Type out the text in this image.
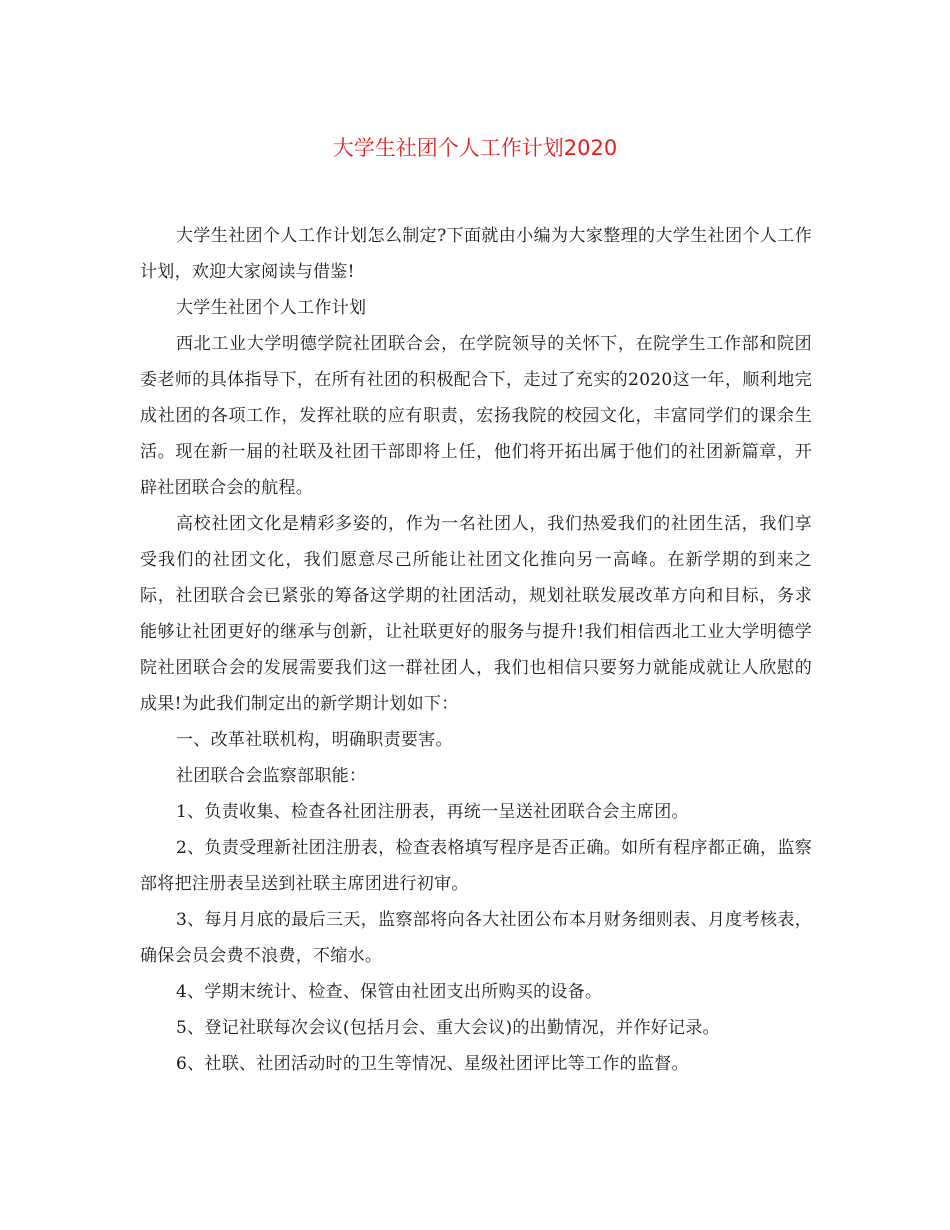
大学生社团个人工作计划2020

大学生社团个人工作计划怎么制定?下面就由小编为大家整理的大学生社团个人工作计划，欢迎大家阅读与借鉴!

大学生社团个人工作计划

西北工业大学明德学院社团联合会，在学院领导的关怀下，在院学生工作部和院团委老师的具体指导下，在所有社团的积极配合下，走过了充实的2020这一年，顺利地完成社团的各项工作，发挥社联的应有职责，宏扬我院的校园文化，丰富同学们的课余生活。现在新一届的社联及社团干部即将上任，他们将开拓出属于他们的社团新篇章，开辟社团联合会的航程。

高校社团文化是精彩多姿的，作为一名社团人，我们热爱我们的社团生活，我们享受我们的社团文化，我们愿意尽己所能让社团文化推向另一高峰。在新学期的到来之际，社团联合会已紧张的筹备这学期的社团活动，规划社联发展改革方向和目标，务求能够让社团更好的继承与创新，让社联更好的服务与提升!我们相信西北工业大学明德学院社团联合会的发展需要我们这一群社团人，我们也相信只要努力就能成就让人欣慰的成果!为此我们制定出的新学期计划如下：

一、改革社联机构，明确职责要害。

社团联合会监察部职能：

1、负责收集、检查各社团注册表，再统一呈送社团联合会主席团。

2、负责受理新社团注册表，检查表格填写程序是否正确。如所有程序都正确，监察部将把注册表呈送到社联主席团进行初审。

3、每月月底的最后三天，监察部将向各大社团公布本月财务细则表、月度考核表，确保会员会费不浪费，不缩水。

4、学期末统计、检查、保管由社团支出所购买的设备。

5、登记社联每次会议(包括月会、重大会议)的出勤情况，并作好记录。

6、社联、社团活动时的卫生等情况、星级社团评比等工作的监督。
